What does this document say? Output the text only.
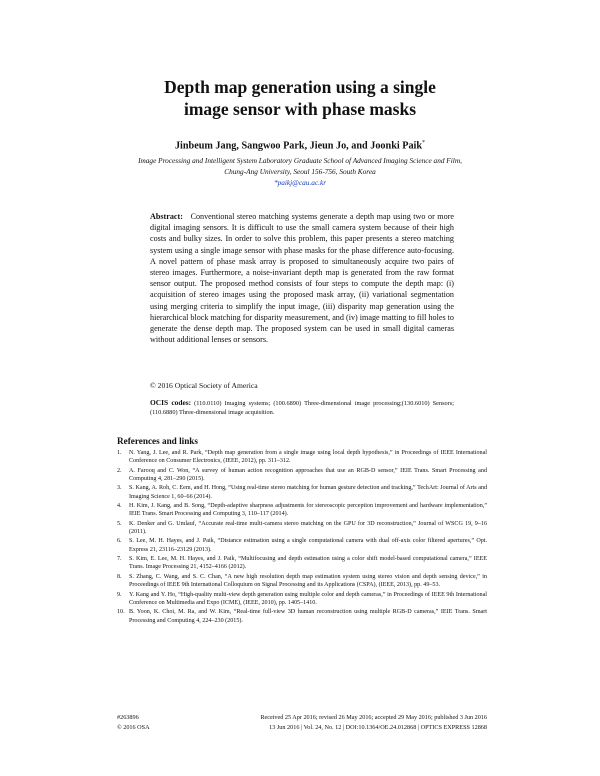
Depth map generation using a single
image sensor with phase masks
Jinbeum Jang, Sangwoo Park, Jieun Jo, and Joonki Paik*
Image Processing and Intelligent System Laboratory Graduate School of Advanced Imaging Science and Film, Chung-Ang University, Seoul 156-756, South Korea
*paikj@cau.ac.kr
Abstract: Conventional stereo matching systems generate a depth map using two or more digital imaging sensors. It is difficult to use the small camera system because of their high costs and bulky sizes. In order to solve this problem, this paper presents a stereo matching system using a single image sensor with phase masks for the phase difference auto-focusing. A novel pattern of phase mask array is proposed to simultaneously acquire two pairs of stereo images. Furthermore, a noise-invariant depth map is generated from the raw format sensor output. The proposed method consists of four steps to compute the depth map: (i) acquisition of stereo images using the proposed mask array, (ii) variational segmentation using merging criteria to simplify the input image, (iii) disparity map generation using the hierarchical block matching for disparity measurement, and (iv) image matting to fill holes to generate the dense depth map. The proposed system can be used in small digital cameras without additional lenses or sensors.
© 2016 Optical Society of America
OCIS codes: (110.0110) Imaging systems; (100.6890) Three-dimensional image processing;(130.6010) Sensors; (110.6880) Three-dimensional image acquisition.
References and links
1. N. Yang, J. Lee, and R. Park, “Depth map generation from a single image using local depth hypothesis,” in Proceedings of IEEE International Conference on Consumer Electronics, (IEEE, 2012), pp. 311–312.
2. A. Farooq and C. Won, “A survey of human action recognition approaches that use an RGB-D sensor,” IEIE Trans. Smart Processing and Computing 4, 281–290 (2015).
3. S. Kang, A. Roh, C. Eem, and H. Hong, “Using real-time stereo matching for human gesture detection and tracking,” TechArt: Journal of Arts and Imaging Science 1, 60–66 (2014).
4. H. Kim, J. Kang, and B. Song, “Depth-adaptive sharpness adjustments for stereoscopic perception improvement and hardware implementation,” IEIE Trans. Smart Processing and Computing 3, 110–117 (2014).
5. K. Denker and G. Umlauf, “Accurate real-time multi-camera stereo matching on the GPU for 3D reconstruction,” Journal of WSCG 19, 9–16 (2011).
6. S. Lee, M. H. Hayes, and J. Paik, “Distance estimation using a single computational camera with dual off-axis color filtered apertures,” Opt. Express 21, 23116–23129 (2013).
7. S. Kim, E. Lee, M. H. Hayes, and J. Paik, “Multifocusing and depth estimation using a color shift model-based computational camera,” IEEE Trans. Image Processing 21, 4152–4166 (2012).
8. S. Zhang, C. Wang, and S. C. Chan, “A new high resolution depth map estimation system using stereo vision and depth sensing device,” in Proceedings of IEEE 9th International Colloquium on Signal Processing and its Applications (CSPA), (IEEE, 2013), pp. 49–53.
9. Y. Kang and Y. Ho, “High-quality multi-view depth generation using multiple color and depth cameras,” in Proceedings of IEEE 9th International Conference on Multimedia and Expo (ICME), (IEEE, 2010), pp. 1405–1410.
10. B. Yoon, K. Choi, M. Ra, and W. Kim, “Real-time full-view 3D human reconstruction using multiple RGB-D cameras,” IEIE Trans. Smart Processing and Computing 4, 224–230 (2015).
#263896	Received 25 Apr 2016; revised 26 May 2016; accepted 29 May 2016; published 3 Jun 2016
© 2016 OSA	13 Jun 2016 | Vol. 24, No. 12 | DOI:10.1364/OE.24.012868 | OPTICS EXPRESS 12868
